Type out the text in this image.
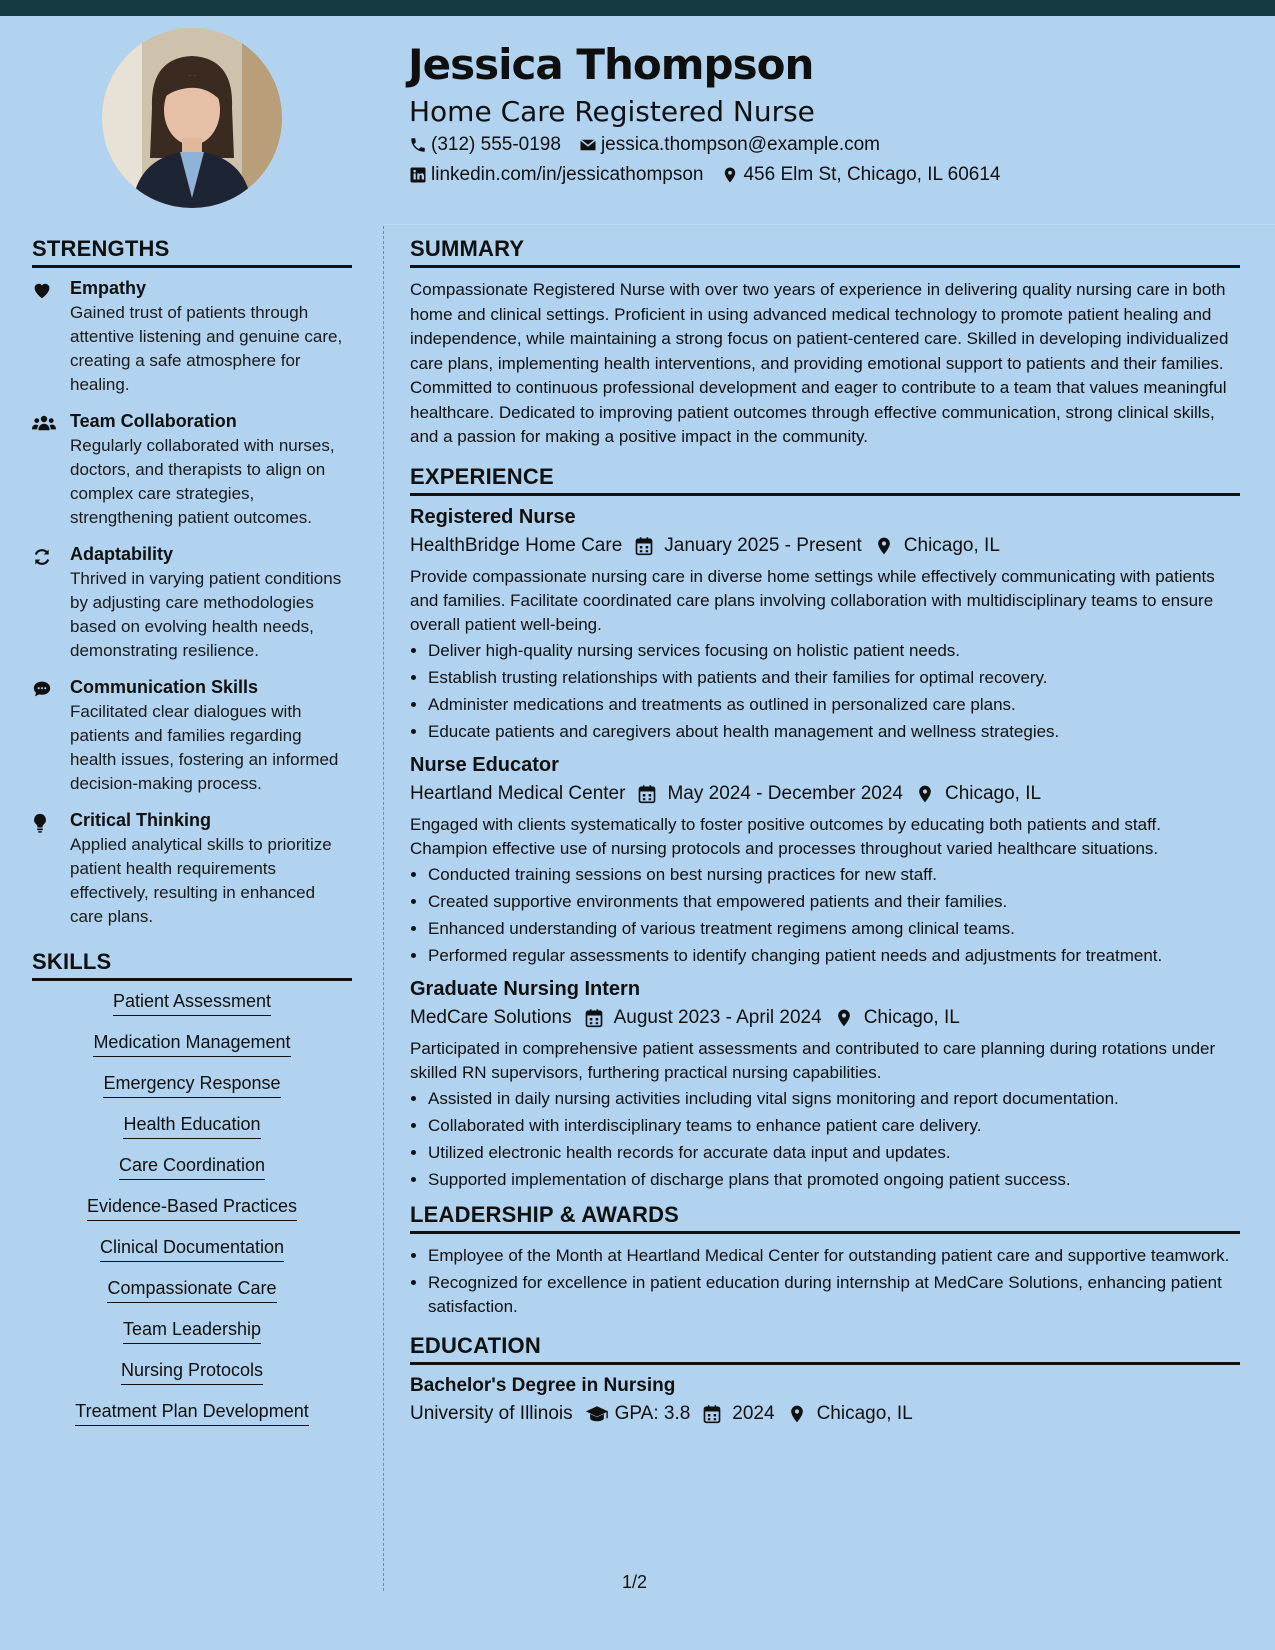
Jessica Thompson
Home Care Registered Nurse
(312) 555-0198 jessica.thompson@example.com
linkedin.com/in/jessicathompson 456 Elm St, Chicago, IL 60614
STRENGTHS
Empathy
Gained trust of patients through attentive listening and genuine care, creating a safe atmosphere for healing.
Team Collaboration
Regularly collaborated with nurses, doctors, and therapists to align on complex care strategies, strengthening patient outcomes.
Adaptability
Thrived in varying patient conditions by adjusting care methodologies based on evolving health needs, demonstrating resilience.
Communication Skills
Facilitated clear dialogues with patients and families regarding health issues, fostering an informed decision-making process.
Critical Thinking
Applied analytical skills to prioritize patient health requirements effectively, resulting in enhanced care plans.
SKILLS
Patient Assessment
Medication Management
Emergency Response
Health Education
Care Coordination
Evidence-Based Practices
Clinical Documentation
Compassionate Care
Team Leadership
Nursing Protocols
Treatment Plan Development
SUMMARY

Compassionate Registered Nurse with over two years of experience in delivering quality nursing care in both home and clinical settings. Proficient in using advanced medical technology to promote patient healing and independence, while maintaining a strong focus on patient-centered care. Skilled in developing individualized care plans, implementing health interventions, and providing emotional support to patients and their families. Committed to continuous professional development and eager to contribute to a team that values meaningful healthcare. Dedicated to improving patient outcomes through effective communication, strong clinical skills, and a passion for making a positive impact in the community.

EXPERIENCE
Registered Nurse
HealthBridge Home Care January 2025 - Present Chicago, IL
Provide compassionate nursing care in diverse home settings while effectively communicating with patients and families. Facilitate coordinated care plans involving collaboration with multidisciplinary teams to ensure overall patient well-being.
• Deliver high-quality nursing services focusing on holistic patient needs.
• Establish trusting relationships with patients and their families for optimal recovery.
• Administer medications and treatments as outlined in personalized care plans.
• Educate patients and caregivers about health management and wellness strategies.
Nurse Educator
Heartland Medical Center May 2024 - December 2024 Chicago, IL
Engaged with clients systematically to foster positive outcomes by educating both patients and staff. Champion effective use of nursing protocols and processes throughout varied healthcare situations.
• Conducted training sessions on best nursing practices for new staff.
• Created supportive environments that empowered patients and their families.
• Enhanced understanding of various treatment regimens among clinical teams.
• Performed regular assessments to identify changing patient needs and adjustments for treatment.
Graduate Nursing Intern
MedCare Solutions August 2023 - April 2024 Chicago, IL
Participated in comprehensive patient assessments and contributed to care planning during rotations under skilled RN supervisors, furthering practical nursing capabilities.
• Assisted in daily nursing activities including vital signs monitoring and report documentation.
• Collaborated with interdisciplinary teams to enhance patient care delivery.
• Utilized electronic health records for accurate data input and updates.
• Supported implementation of discharge plans that promoted ongoing patient success.
LEADERSHIP & AWARDS
• Employee of the Month at Heartland Medical Center for outstanding patient care and supportive teamwork.
• Recognized for excellence in patient education during internship at MedCare Solutions, enhancing patient satisfaction.
EDUCATION
Bachelor's Degree in Nursing
University of Illinois GPA: 3.8 2024 Chicago, IL
1/2
